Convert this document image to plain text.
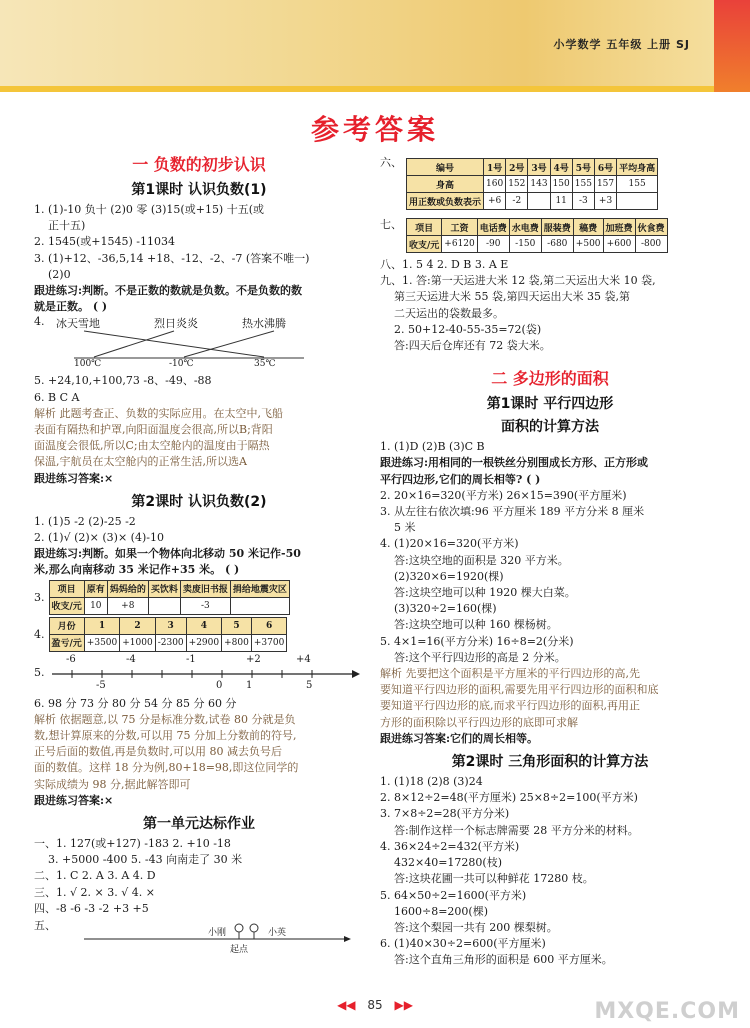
小学数学 五年级 上册 SJ
参考答案
一 负数的初步认识
第1课时 认识负数(1)
1. (1)-10 负十 (2)0 零 (3)15(或+15) 十五(或
正十五)
2. 1545(或+1545) -11034
3. (1)+12、-36,5,14 +18、-12、-2、-7 (答案不唯一)
(2)0
跟进练习:判断。不是正数的数就是负数。不是负数的数
就是正数。 ( )
4. 冰天雪地	烈日炎炎	热水沸腾
100℃	-10℃	35℃
5. +24,10,+100,73 -8、-49、-88
6. B C A
解析 此题考查正、负数的实际应用。在太空中,飞船
表面有隔热和护罩,向阳面温度会很高,所以B;背阳
面温度会很低,所以C;由太空舱内的温度由于隔热
保温,宇航员在太空舱内的正常生活,所以选A
跟进练习答案:×
第2课时 认识负数(2)
1. (1)5 -2 (2)-25 -2
2. (1)√ (2)× (3)× (4)-10
跟进练习:判断。如果一个物体向北移动 50 米记作-50
米,那么向南移动 35 米记作+35 米。 ( )
3.
项目	原有	妈妈给的	买饮料	卖废旧书报	捐给地震灾区
收支/元	10	+8		-3	
4.
月份	1	2	3	4	5	6
盈亏/元	+3500	+1000	-2300	+2900	+800	+3700
5.
-6	-4	-1	+2	+4
-5	0 1	5
6. 98 分 73 分 80 分 54 分 85 分 60 分
解析 依据题意,以 75 分是标准分数,试卷 80 分就是负
数,想计算原来的分数,可以用 75 分加上分数前的符号,
正号后面的数值,再是负数时,可以用 80 减去负号后
面的数值。这样 18 分为例,80+18=98,即这位同学的
实际成绩为 98 分,据此解答即可
跟进练习答案:×
第一单元达标作业
一、1. 127(或+127) -183 2. +10 -18
3. +5000 -400 5. -43 向南走了 30 米
二、1. C 2. A 3. A 4. D
三、1. √ 2. × 3. √ 4. ×
四、-8 -6 -3 -2 +3 +5
五、
小刚	小英
起点
六、	编号	1号	2号	3号	4号	5号	6号	平均身高
身高	160	152	143	150	155	157	155
用正数或负数表示	+6	-2		11	-3	+3	
七、 项目	工资	电话费	水电费	服装费	稿费	加班费	伙食费
收支/元	+6120	-90	-150	-680	+500	+600	-800
八、1. 5 4 2. D B 3. A E
九、1. 答:第一天运进大米 12 袋,第二天运出大米 10 袋,
第三天运进大米 55 袋,第四天运出大米 35 袋,第
二天运出的袋数最多。
2. 50+12-40-55-35=72(袋)
答:四天后仓库还有 72 袋大米。
二 多边形的面积
第1课时 平行四边形
面积的计算方法
1. (1)D (2)B (3)C B
跟进练习:用相同的一根铁丝分别围成长方形、正方形或
平行四边形,它们的周长相等? ( )
2. 20×16=320(平方米) 26×15=390(平方厘米)
3. 从左往右依次填:96 平方厘米 189 平方分米 8 厘米
5 米
4. (1)20×16=320(平方米)
答:这块空地的面积是 320 平方米。
(2)320×6=1920(棵)
答:这块空地可以种 1920 棵大白菜。
(3)320÷2=160(棵)
答:这块空地可以种 160 棵杨树。
5. 4×1=16(平方分米) 16÷8=2(分米)
答:这个平行四边形的高是 2 分米。
解析 先要把这个面积是平方厘米的平行四边形的高,先
要知道平行四边形的面积,需要先用平行四边形的面积和底
要知道平行四边形的底,而求平行四边形的面积,再用正
方形的面积除以平行四边形的底即可求解
跟进练习答案:它们的周长相等。
第2课时 三角形面积的计算方法
1. (1)18 (2)8 (3)24
2. 8×12÷2=48(平方厘米) 25×8÷2=100(平方米)
3. 7×8÷2=28(平方分米)
答:制作这样一个标志牌需要 28 平方分米的材料。
4. 36×24÷2=432(平方米)
432×40=17280(枝)
答:这块花圃一共可以种鲜花 17280 枝。
5. 64×50÷2=1600(平方米)
1600÷8=200(棵)
答:这个梨园一共有 200 棵梨树。
6. (1)40×30÷2=600(平方厘米)
答:这个直角三角形的面积是 600 平方厘米。
◀◀ 85 ▶▶	MXQE.COM
